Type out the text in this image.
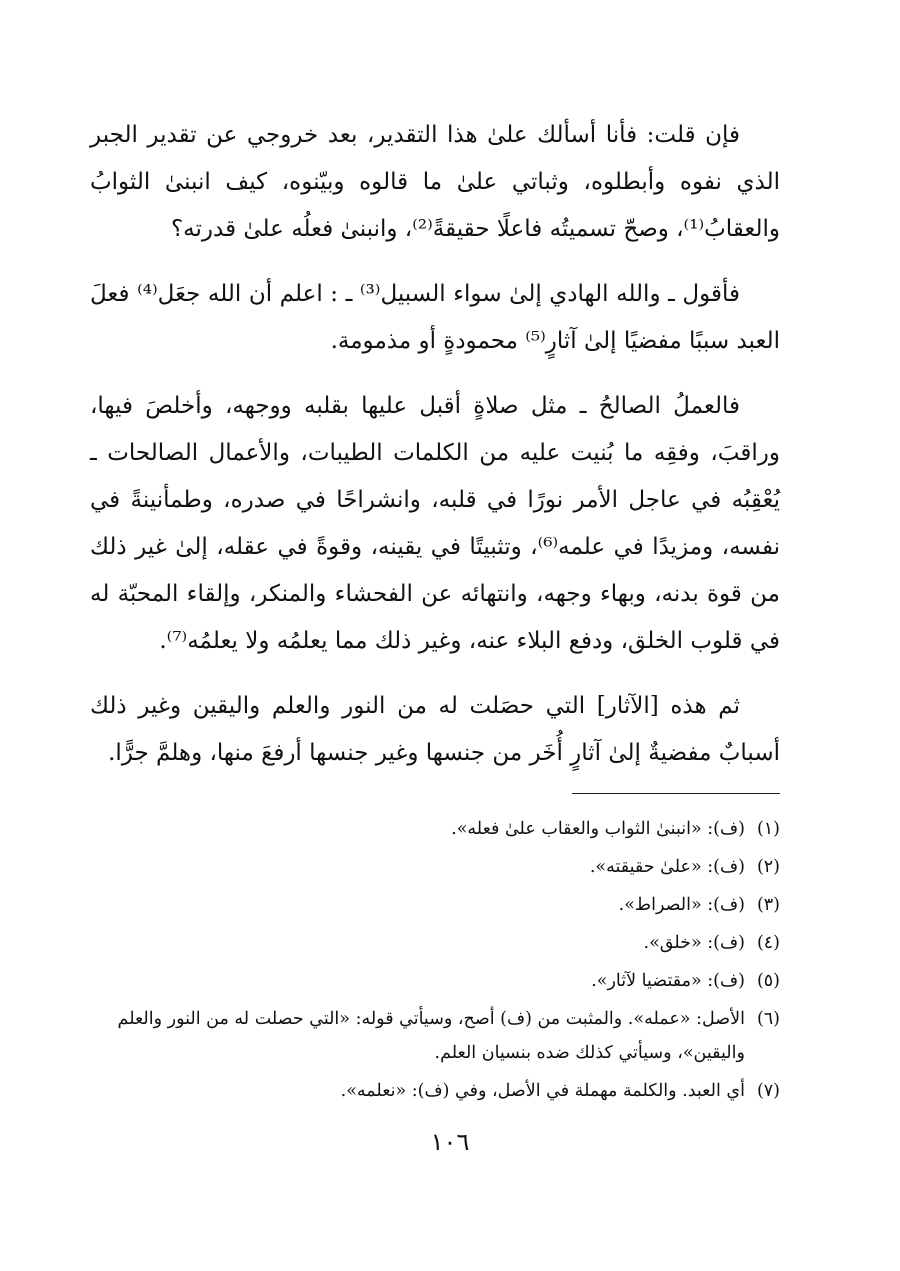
فإن قلت: فأنا أسألك علىٰ هذا التقدير، بعد خروجي عن تقدير الجبر الذي نفوه وأبطلوه، وثباتي علىٰ ما قالوه وبيّنوه، كيف انبنىٰ الثوابُ والعقابُ⁽¹⁾، وصحّ تسميتُه فاعلًا حقيقةً⁽²⁾، وانبنىٰ فعلُه علىٰ قدرته؟

فأقول ـ والله الهادي إلىٰ سواء السبيل⁽³⁾ ـ : اعلم أن الله جعَل⁽⁴⁾ فعلَ العبد سببًا مفضيًا إلىٰ آثارٍ⁽⁵⁾ محمودةٍ أو مذمومة.

فالعملُ الصالحُ ـ مثل صلاةٍ أقبل عليها بقلبه ووجهه، وأخلصَ فيها، وراقبَ، وفقِه ما بُنيت عليه من الكلمات الطيبات، والأعمال الصالحات ـ يُعْقِبُه في عاجل الأمر نورًا في قلبه، وانشراحًا في صدره، وطمأنينةً في نفسه، ومزيدًا في علمه⁽⁶⁾، وتثبيتًا في يقينه، وقوةً في عقله، إلىٰ غير ذلك من قوة بدنه، وبهاء وجهه، وانتهائه عن الفحشاء والمنكر، وإلقاء المحبّة له في قلوب الخلق، ودفع البلاء عنه، وغير ذلك مما يعلمُه ولا يعلمُه⁽⁷⁾.

ثم هذه [الآثار] التي حصَلت له من النور والعلم واليقين وغير ذلك أسبابٌ مفضيةٌ إلىٰ آثارٍ أُخَر من جنسها وغير جنسها أرفعَ منها، وهلمَّ جرًّا.

(١)
(ف): «انبنىٰ الثواب والعقاب علىٰ فعله».
(٢)
(ف): «علىٰ حقيقته».
(٣)
(ف): «الصراط».
(٤)
(ف): «خلق».
(٥)
(ف): «مقتضيا لآثار».
(٦)
الأصل: «عمله». والمثبت من (ف) أصح، وسيأتي قوله: «التي حصلت له من النور والعلم واليقين»، وسيأتي كذلك ضده بنسيان العلم.
(٧)
أي العبد. والكلمة مهملة في الأصل، وفي (ف): «نعلمه».
١٠٦
